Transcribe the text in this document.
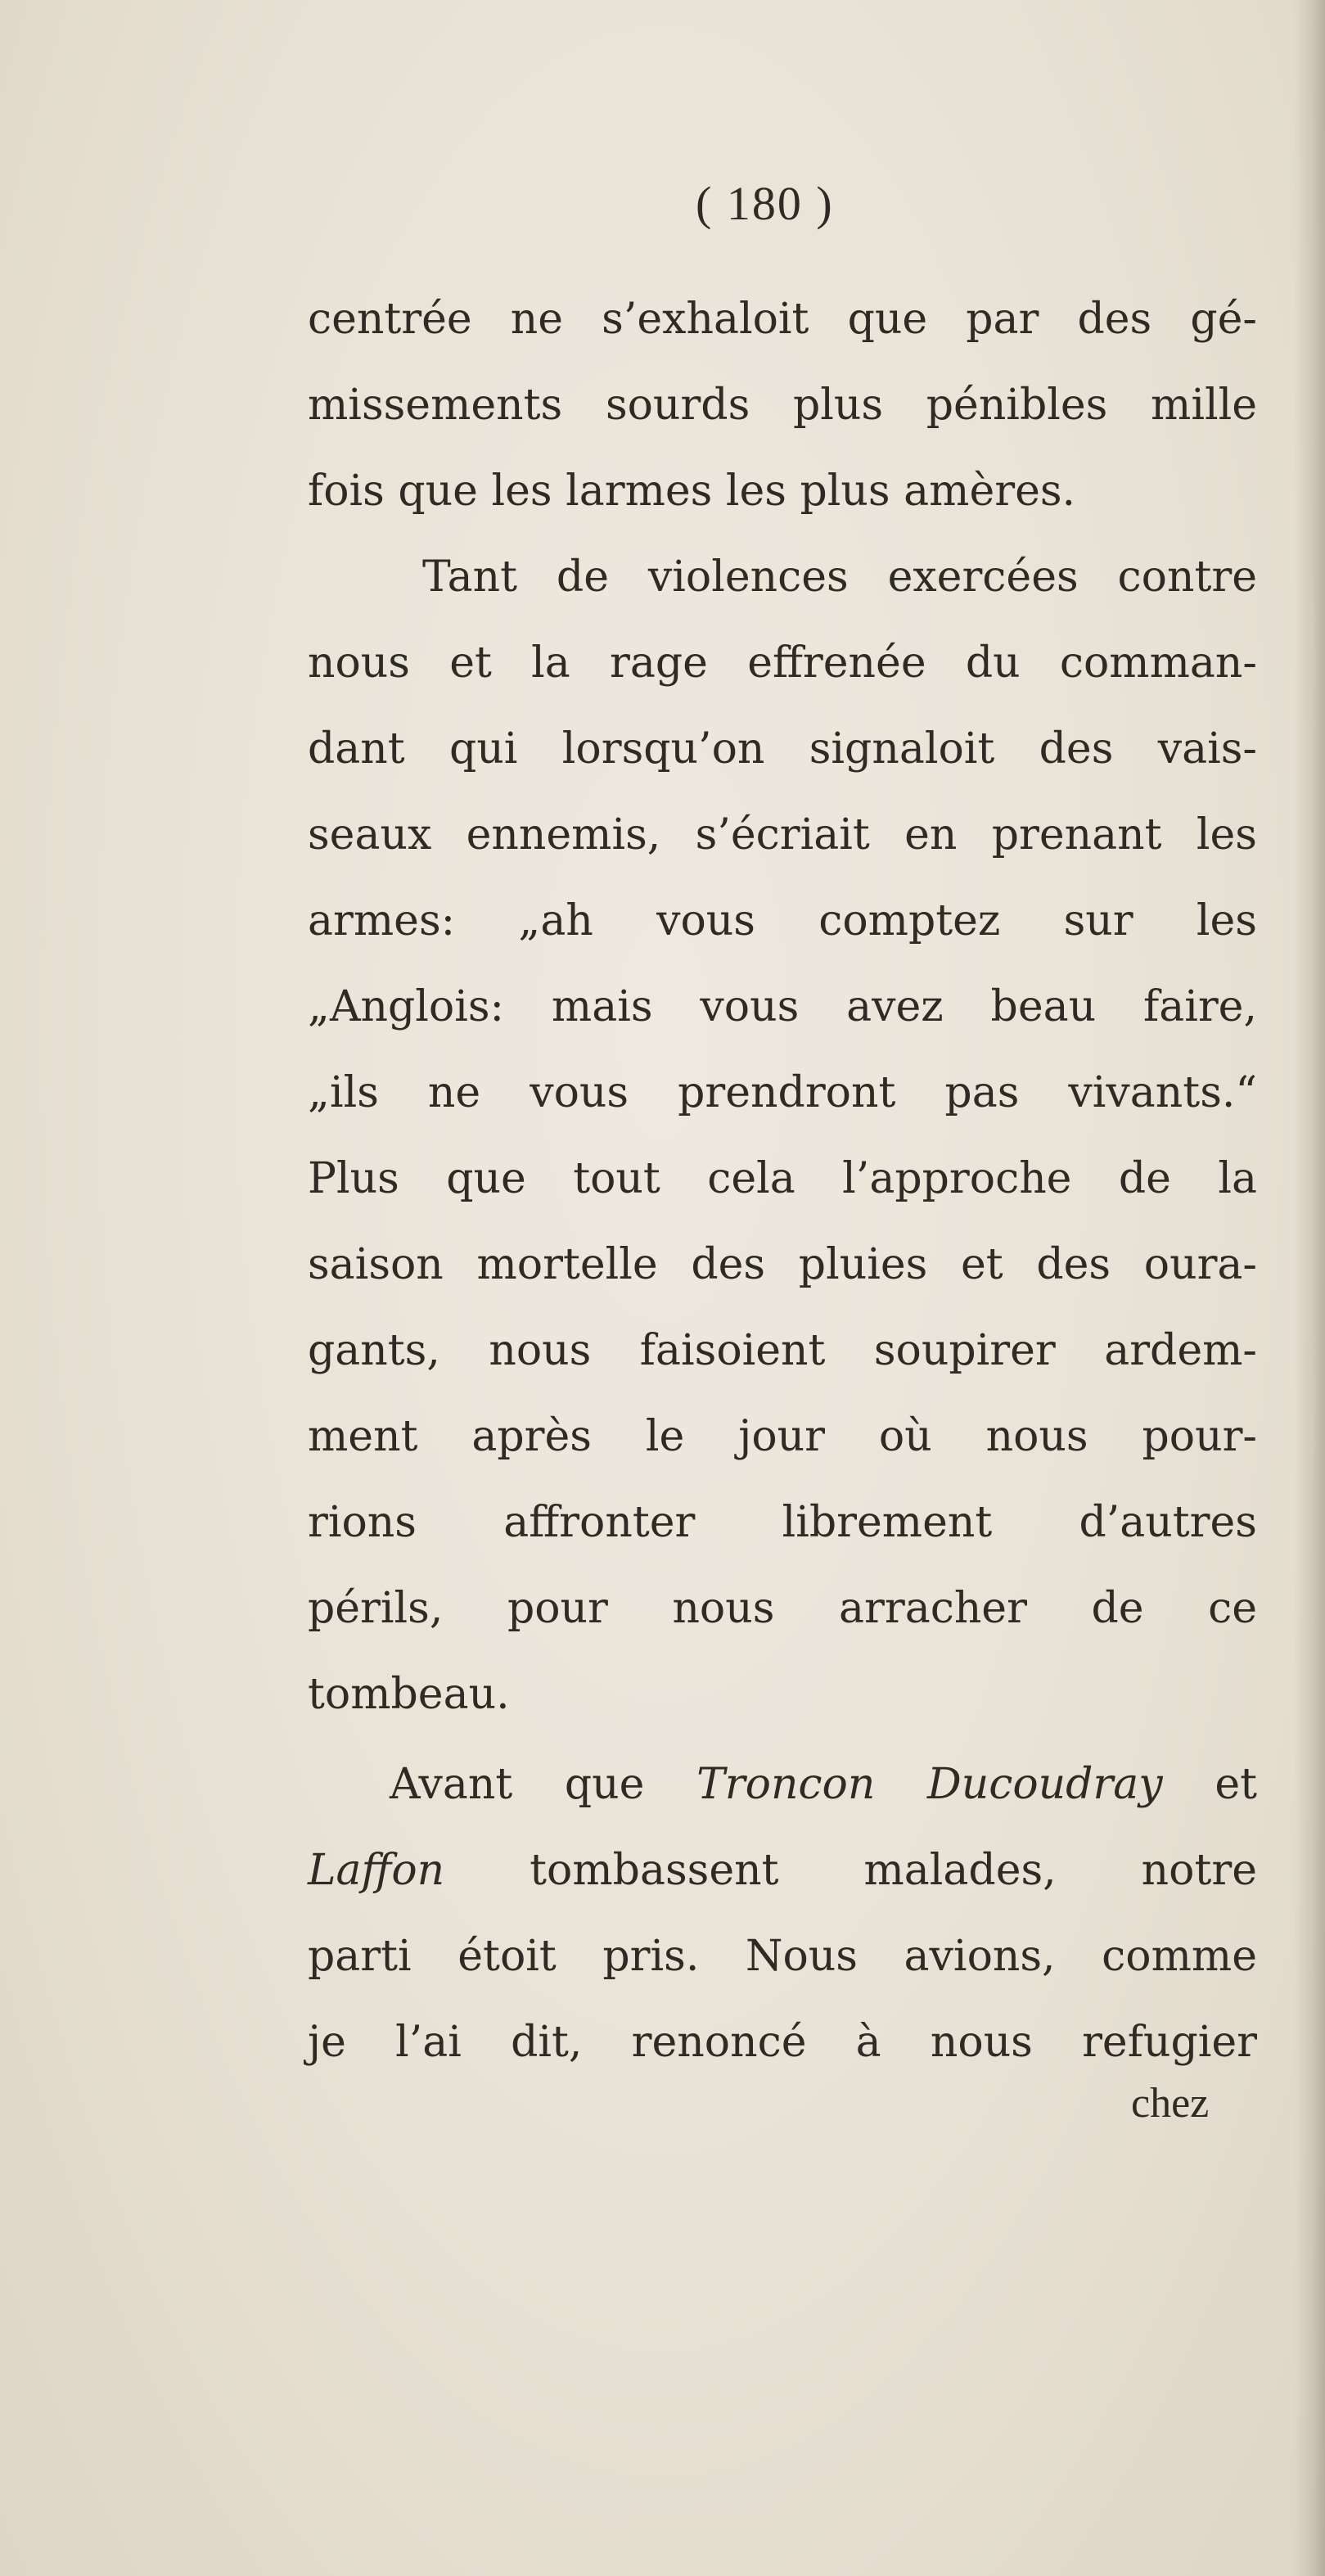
( 180 )
centrée ne s’exhaloit que par des gé-
missements sourds plus pénibles mille
fois que les larmes les plus amères.
Tant de violences exercées contre
nous et la rage effrenée du comman-
dant qui lorsqu’on signaloit des vais-
seaux ennemis, s’écriait en prenant les
armes: „ah vous comptez sur les
„Anglois: mais vous avez beau faire,
„ils ne vous prendront pas vivants.“
Plus que tout cela l’approche de la
saison mortelle des pluies et des oura-
gants, nous faisoient soupirer ardem-
ment après le jour où nous pour-
rions affronter librement d’autres
périls, pour nous arracher de ce
tombeau.
Avant que Troncon Ducoudray et
Laffon tombassent malades, notre
parti étoit pris. Nous avions, comme
je l’ai dit, renoncé à nous refugier
chez
